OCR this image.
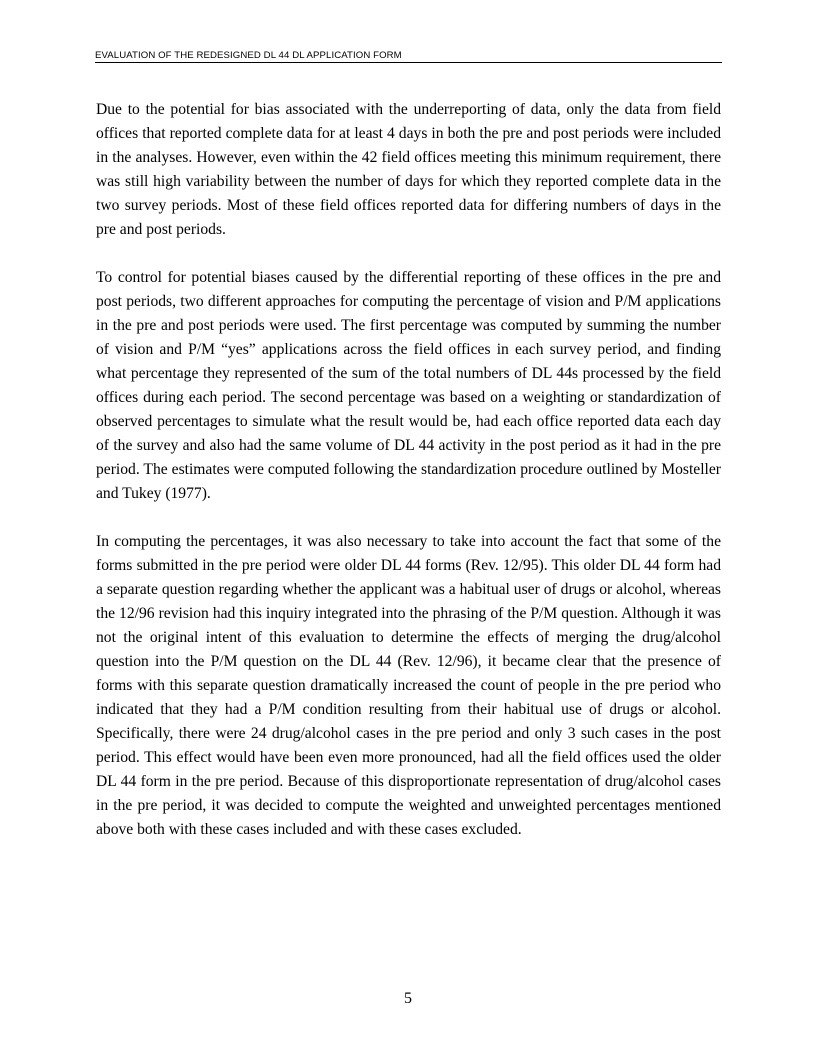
EVALUATION OF THE REDESIGNED DL 44 DL APPLICATION FORM

Due to the potential for bias associated with the underreporting of data, only the data from field offices that reported complete data for at least 4 days in both the pre and post periods were included in the analyses. However, even within the 42 field offices meeting this minimum requirement, there was still high variability between the number of days for which they reported complete data in the two survey periods. Most of these field offices reported data for differing numbers of days in the pre and post periods.

To control for potential biases caused by the differential reporting of these offices in the pre and post periods, two different approaches for computing the percentage of vision and P/M applications in the pre and post periods were used. The first percentage was computed by summing the number of vision and P/M “yes” applications across the field offices in each survey period, and finding what percentage they represented of the sum of the total numbers of DL 44s processed by the field offices during each period. The second percentage was based on a weighting or standardization of observed percentages to simulate what the result would be, had each office reported data each day of the survey and also had the same volume of DL 44 activity in the post period as it had in the pre period. The estimates were computed following the standardization procedure outlined by Mosteller and Tukey (1977).

In computing the percentages, it was also necessary to take into account the fact that some of the forms submitted in the pre period were older DL 44 forms (Rev. 12/95). This older DL 44 form had a separate question regarding whether the applicant was a habitual user of drugs or alcohol, whereas the 12/96 revision had this inquiry integrated into the phrasing of the P/M question. Although it was not the original intent of this evaluation to determine the effects of merging the drug/alcohol question into the P/M question on the DL 44 (Rev. 12/96), it became clear that the presence of forms with this separate question dramatically increased the count of people in the pre period who indicated that they had a P/M condition resulting from their habitual use of drugs or alcohol. Specifically, there were 24 drug/alcohol cases in the pre period and only 3 such cases in the post period. This effect would have been even more pronounced, had all the field offices used the older DL 44 form in the pre period. Because of this disproportionate representation of drug/alcohol cases in the pre period, it was decided to compute the weighted and unweighted percentages mentioned above both with these cases included and with these cases excluded.

5
